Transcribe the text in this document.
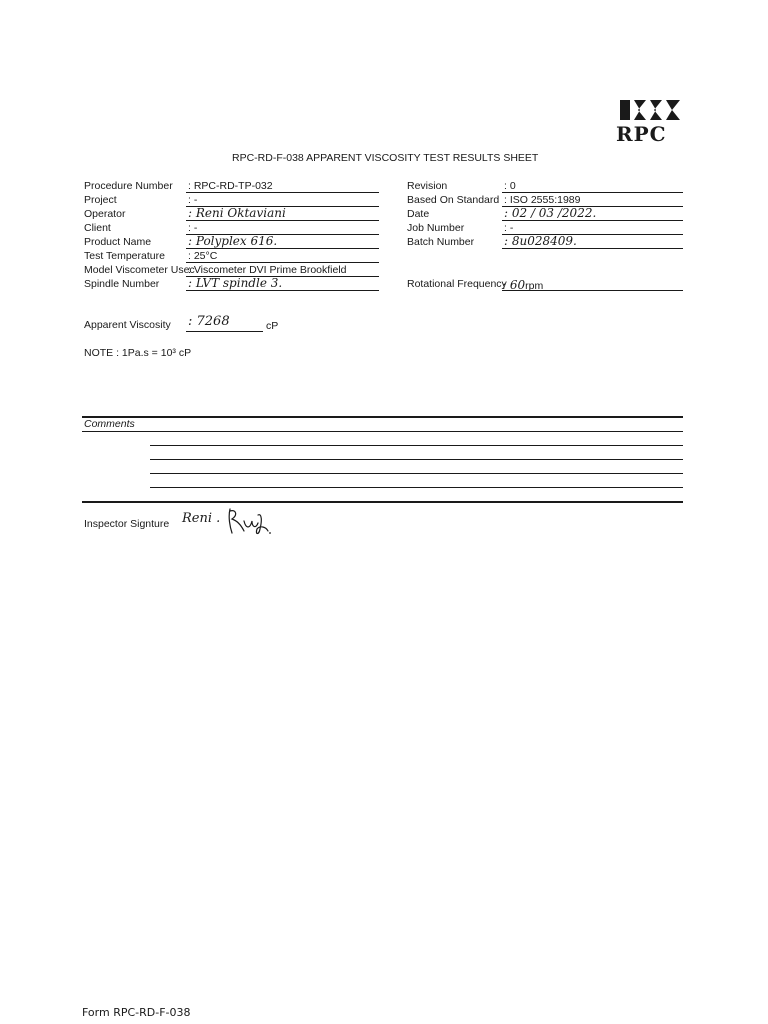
RPC
RPC-RD-F-038 APPARENT VISCOSITY TEST RESULTS SHEET
Procedure Number
Project
Operator
Client
Product Name
Test Temperature
Model Viscometer Usec
Spindle Number
: RPC-RD-TP-032
: -
: Reni Oktaviani
: -
: Polyplex 616.
: 25°C
: Viscometer DVI Prime Brookfield
: LVT spindle 3.
Revision
Based On Standard
Date
Job Number
Batch Number
: 0
: ISO 2555:1989
: 02 / 03 /2022.
: -
: 8u028409.
Rotational Frequency
: 60rpm
Apparent Viscosity : 7268	cP
NOTE : 1Pa.s = 10³ cP
Comments
Inspector Signture Reni .
Form RPC-RD-F-038
